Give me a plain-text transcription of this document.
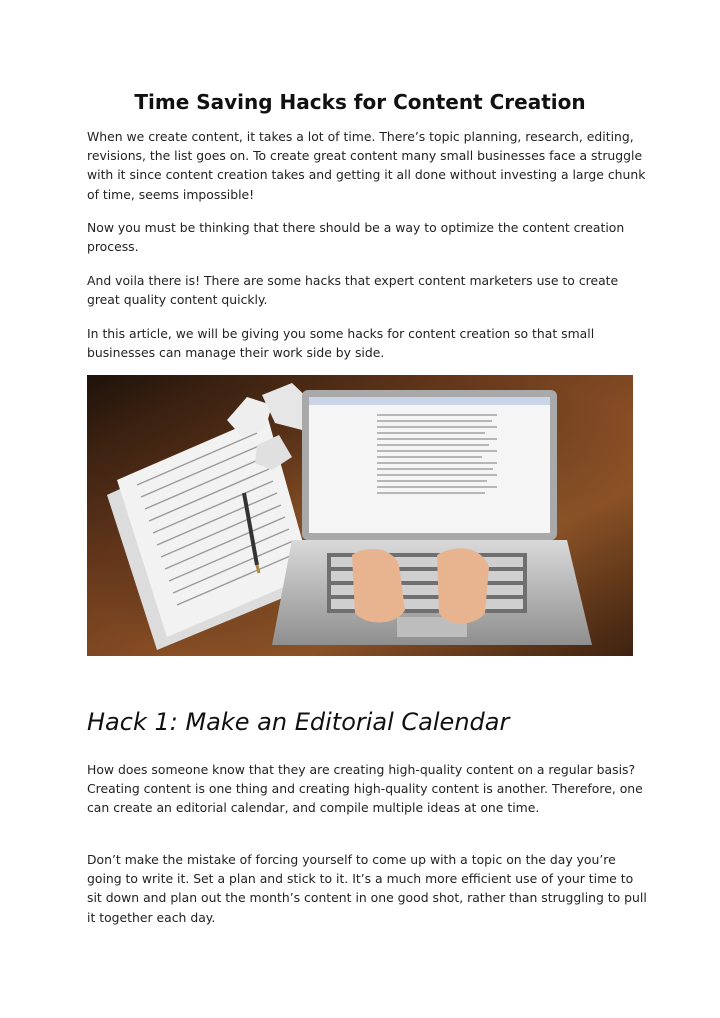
Time Saving Hacks for Content Creation

When we create content, it takes a lot of time. There’s topic planning, research, editing, revisions, the list goes on. To create great content many small businesses face a struggle with it since content creation takes and getting it all done without investing a large chunk of time, seems impossible!

Now you must be thinking that there should be a way to optimize the content creation process.

And voila there is! There are some hacks that expert content marketers use to create great quality content quickly.

In this article, we will be giving you some hacks for content creation so that small businesses can manage their work side by side.

Hack 1: Make an Editorial Calendar

How does someone know that they are creating high-quality content on a regular basis? Creating content is one thing and creating high-quality content is another. Therefore, one can create an editorial calendar, and compile multiple ideas at one time.

Don’t make the mistake of forcing yourself to come up with a topic on the day you’re going to write it. Set a plan and stick to it. It’s a much more efficient use of your time to sit down and plan out the month’s content in one good shot, rather than struggling to pull it together each day.
